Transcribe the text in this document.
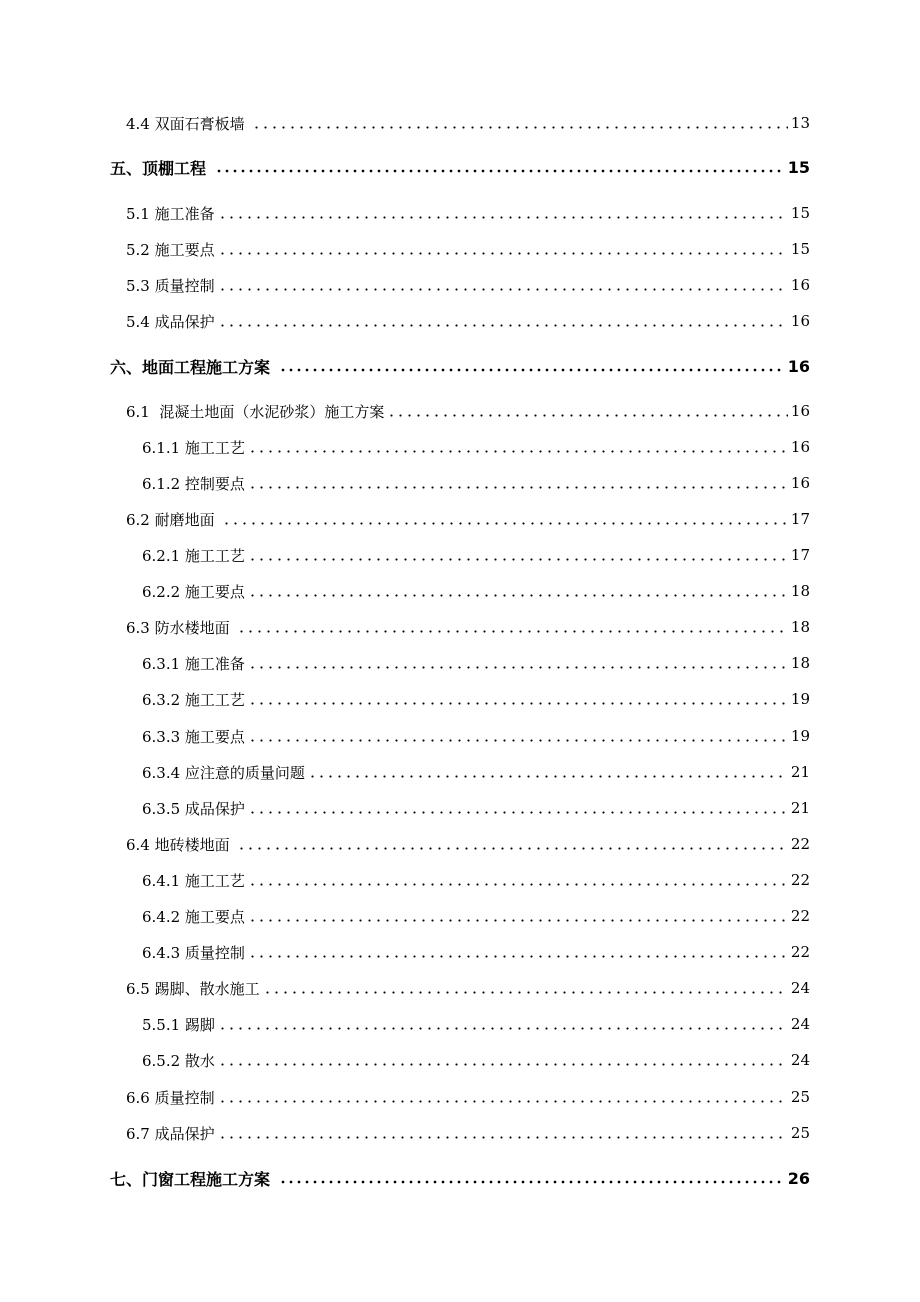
4.4 双面石膏板墙	13
五、顶棚工程	15
5.1 施工准备	15
5.2 施工要点	15
5.3 质量控制	16
5.4 成品保护	16
六、地面工程施工方案	16
6.1  混凝土地面（水泥砂浆）施工方案	16
6.1.1 施工工艺	16
6.1.2 控制要点	16
6.2 耐磨地面	17
6.2.1 施工工艺	17
6.2.2 施工要点	18
6.3 防水楼地面	18
6.3.1 施工准备	18
6.3.2 施工工艺	19
6.3.3 施工要点	19
6.3.4 应注意的质量问题	21
6.3.5 成品保护	21
6.4 地砖楼地面	22
6.4.1 施工工艺	22
6.4.2 施工要点	22
6.4.3 质量控制	22
6.5 踢脚、散水施工	24
5.5.1 踢脚	24
6.5.2 散水	24
6.6 质量控制	25
6.7 成品保护	25
七、门窗工程施工方案	26
